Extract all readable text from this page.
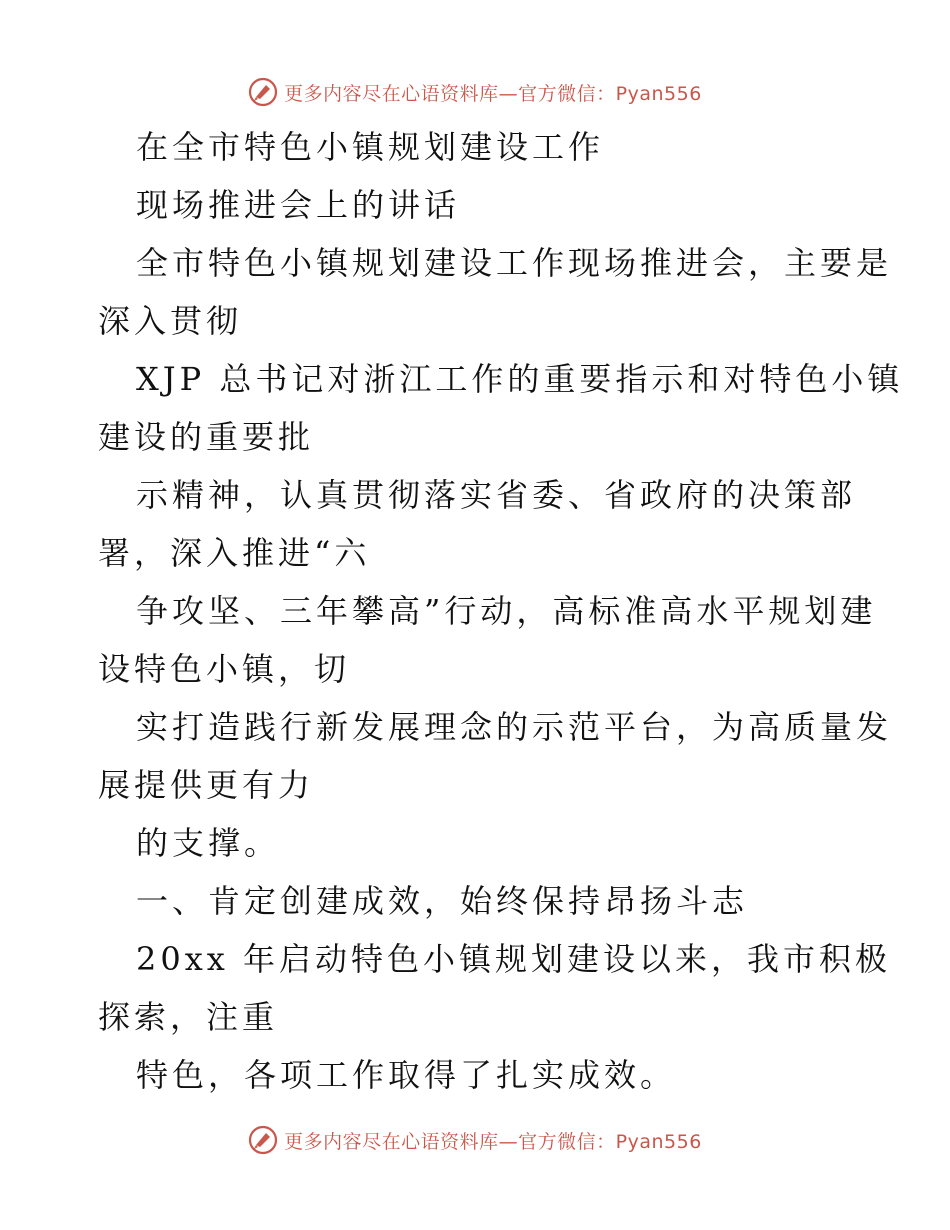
更多内容尽在心语资料库—官方微信：Pyan556
在全市特色小镇规划建设工作
现场推进会上的讲话
全市特色小镇规划建设工作现场推进会，主要是
深入贯彻
XJP 总书记对浙江工作的重要指示和对特色小镇
建设的重要批
示精神，认真贯彻落实省委、省政府的决策部
署，深入推进“六
争攻坚、三年攀高”行动，高标准高水平规划建
设特色小镇，切
实打造践行新发展理念的示范平台，为高质量发
展提供更有力
的支撑。
一、肯定创建成效，始终保持昂扬斗志
20xx 年启动特色小镇规划建设以来，我市积极
探索，注重
特色，各项工作取得了扎实成效。
更多内容尽在心语资料库—官方微信：Pyan556
